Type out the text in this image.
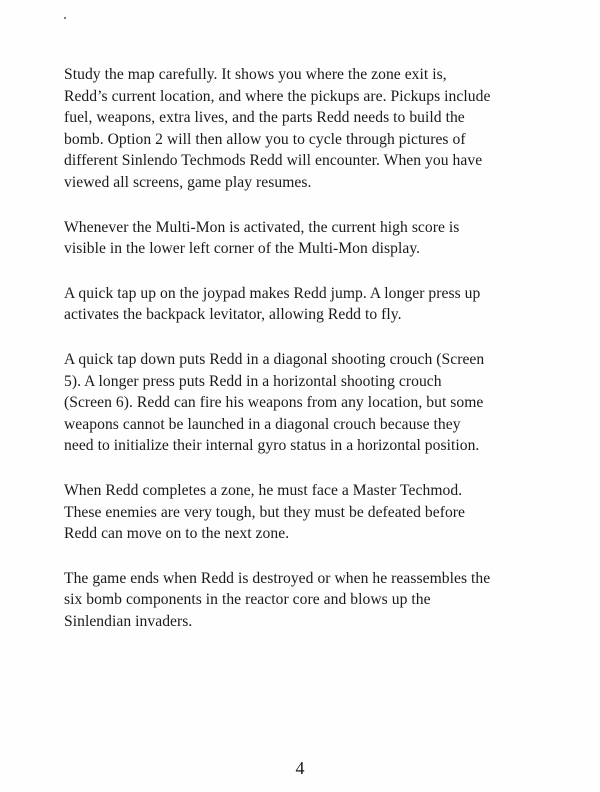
Study the map carefully. It shows you where the zone exit is,
Redd’s current location, and where the pickups are. Pickups include
fuel, weapons, extra lives, and the parts Redd needs to build the
bomb. Option 2 will then allow you to cycle through pictures of
different Sinlendo Techmods Redd will encounter. When you have
viewed all screens, game play resumes.

Whenever the Multi-Mon is activated, the current high score is
visible in the lower left corner of the Multi-Mon display.

A quick tap up on the joypad makes Redd jump. A longer press up
activates the backpack levitator, allowing Redd to fly.

A quick tap down puts Redd in a diagonal shooting crouch (Screen
5). A longer press puts Redd in a horizontal shooting crouch
(Screen 6). Redd can fire his weapons from any location, but some
weapons cannot be launched in a diagonal crouch because they
need to initialize their internal gyro status in a horizontal position.

When Redd completes a zone, he must face a Master Techmod.
These enemies are very tough, but they must be defeated before
Redd can move on to the next zone.

The game ends when Redd is destroyed or when he reassembles the
six bomb components in the reactor core and blows up the
Sinlendian invaders.

4
